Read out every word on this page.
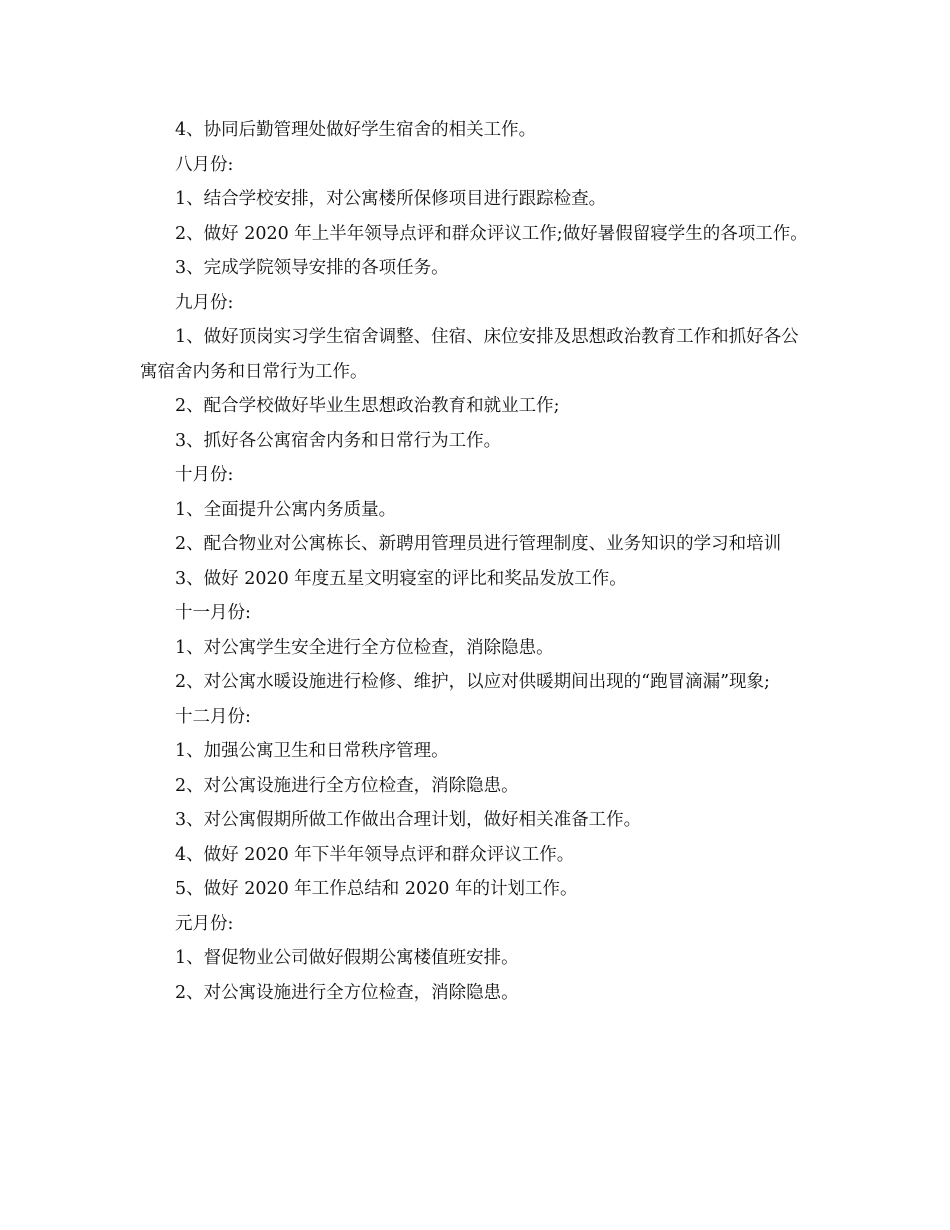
4、协同后勤管理处做好学生宿舍的相关工作。

八月份:

1、结合学校安排，对公寓楼所保修项目进行跟踪检查。

2、做好 2020 年上半年领导点评和群众评议工作;做好暑假留寝学生的各项工作。

3、完成学院领导安排的各项任务。

九月份:

1、做好顶岗实习学生宿舍调整、住宿、床位安排及思想政治教育工作和抓好各公寓宿舍内务和日常行为工作。

2、配合学校做好毕业生思想政治教育和就业工作;

3、抓好各公寓宿舍内务和日常行为工作。

十月份:

1、全面提升公寓内务质量。

2、配合物业对公寓栋长、新聘用管理员进行管理制度、业务知识的学习和培训

3、做好 2020 年度五星文明寝室的评比和奖品发放工作。

十一月份:

1、对公寓学生安全进行全方位检查，消除隐患。

2、对公寓水暖设施进行检修、维护，以应对供暖期间出现的“跑冒滴漏”现象;

十二月份:

1、加强公寓卫生和日常秩序管理。

2、对公寓设施进行全方位检查，消除隐患。

3、对公寓假期所做工作做出合理计划，做好相关准备工作。

4、做好 2020 年下半年领导点评和群众评议工作。

5、做好 2020 年工作总结和 2020 年的计划工作。

元月份:

1、督促物业公司做好假期公寓楼值班安排。

2、对公寓设施进行全方位检查，消除隐患。
